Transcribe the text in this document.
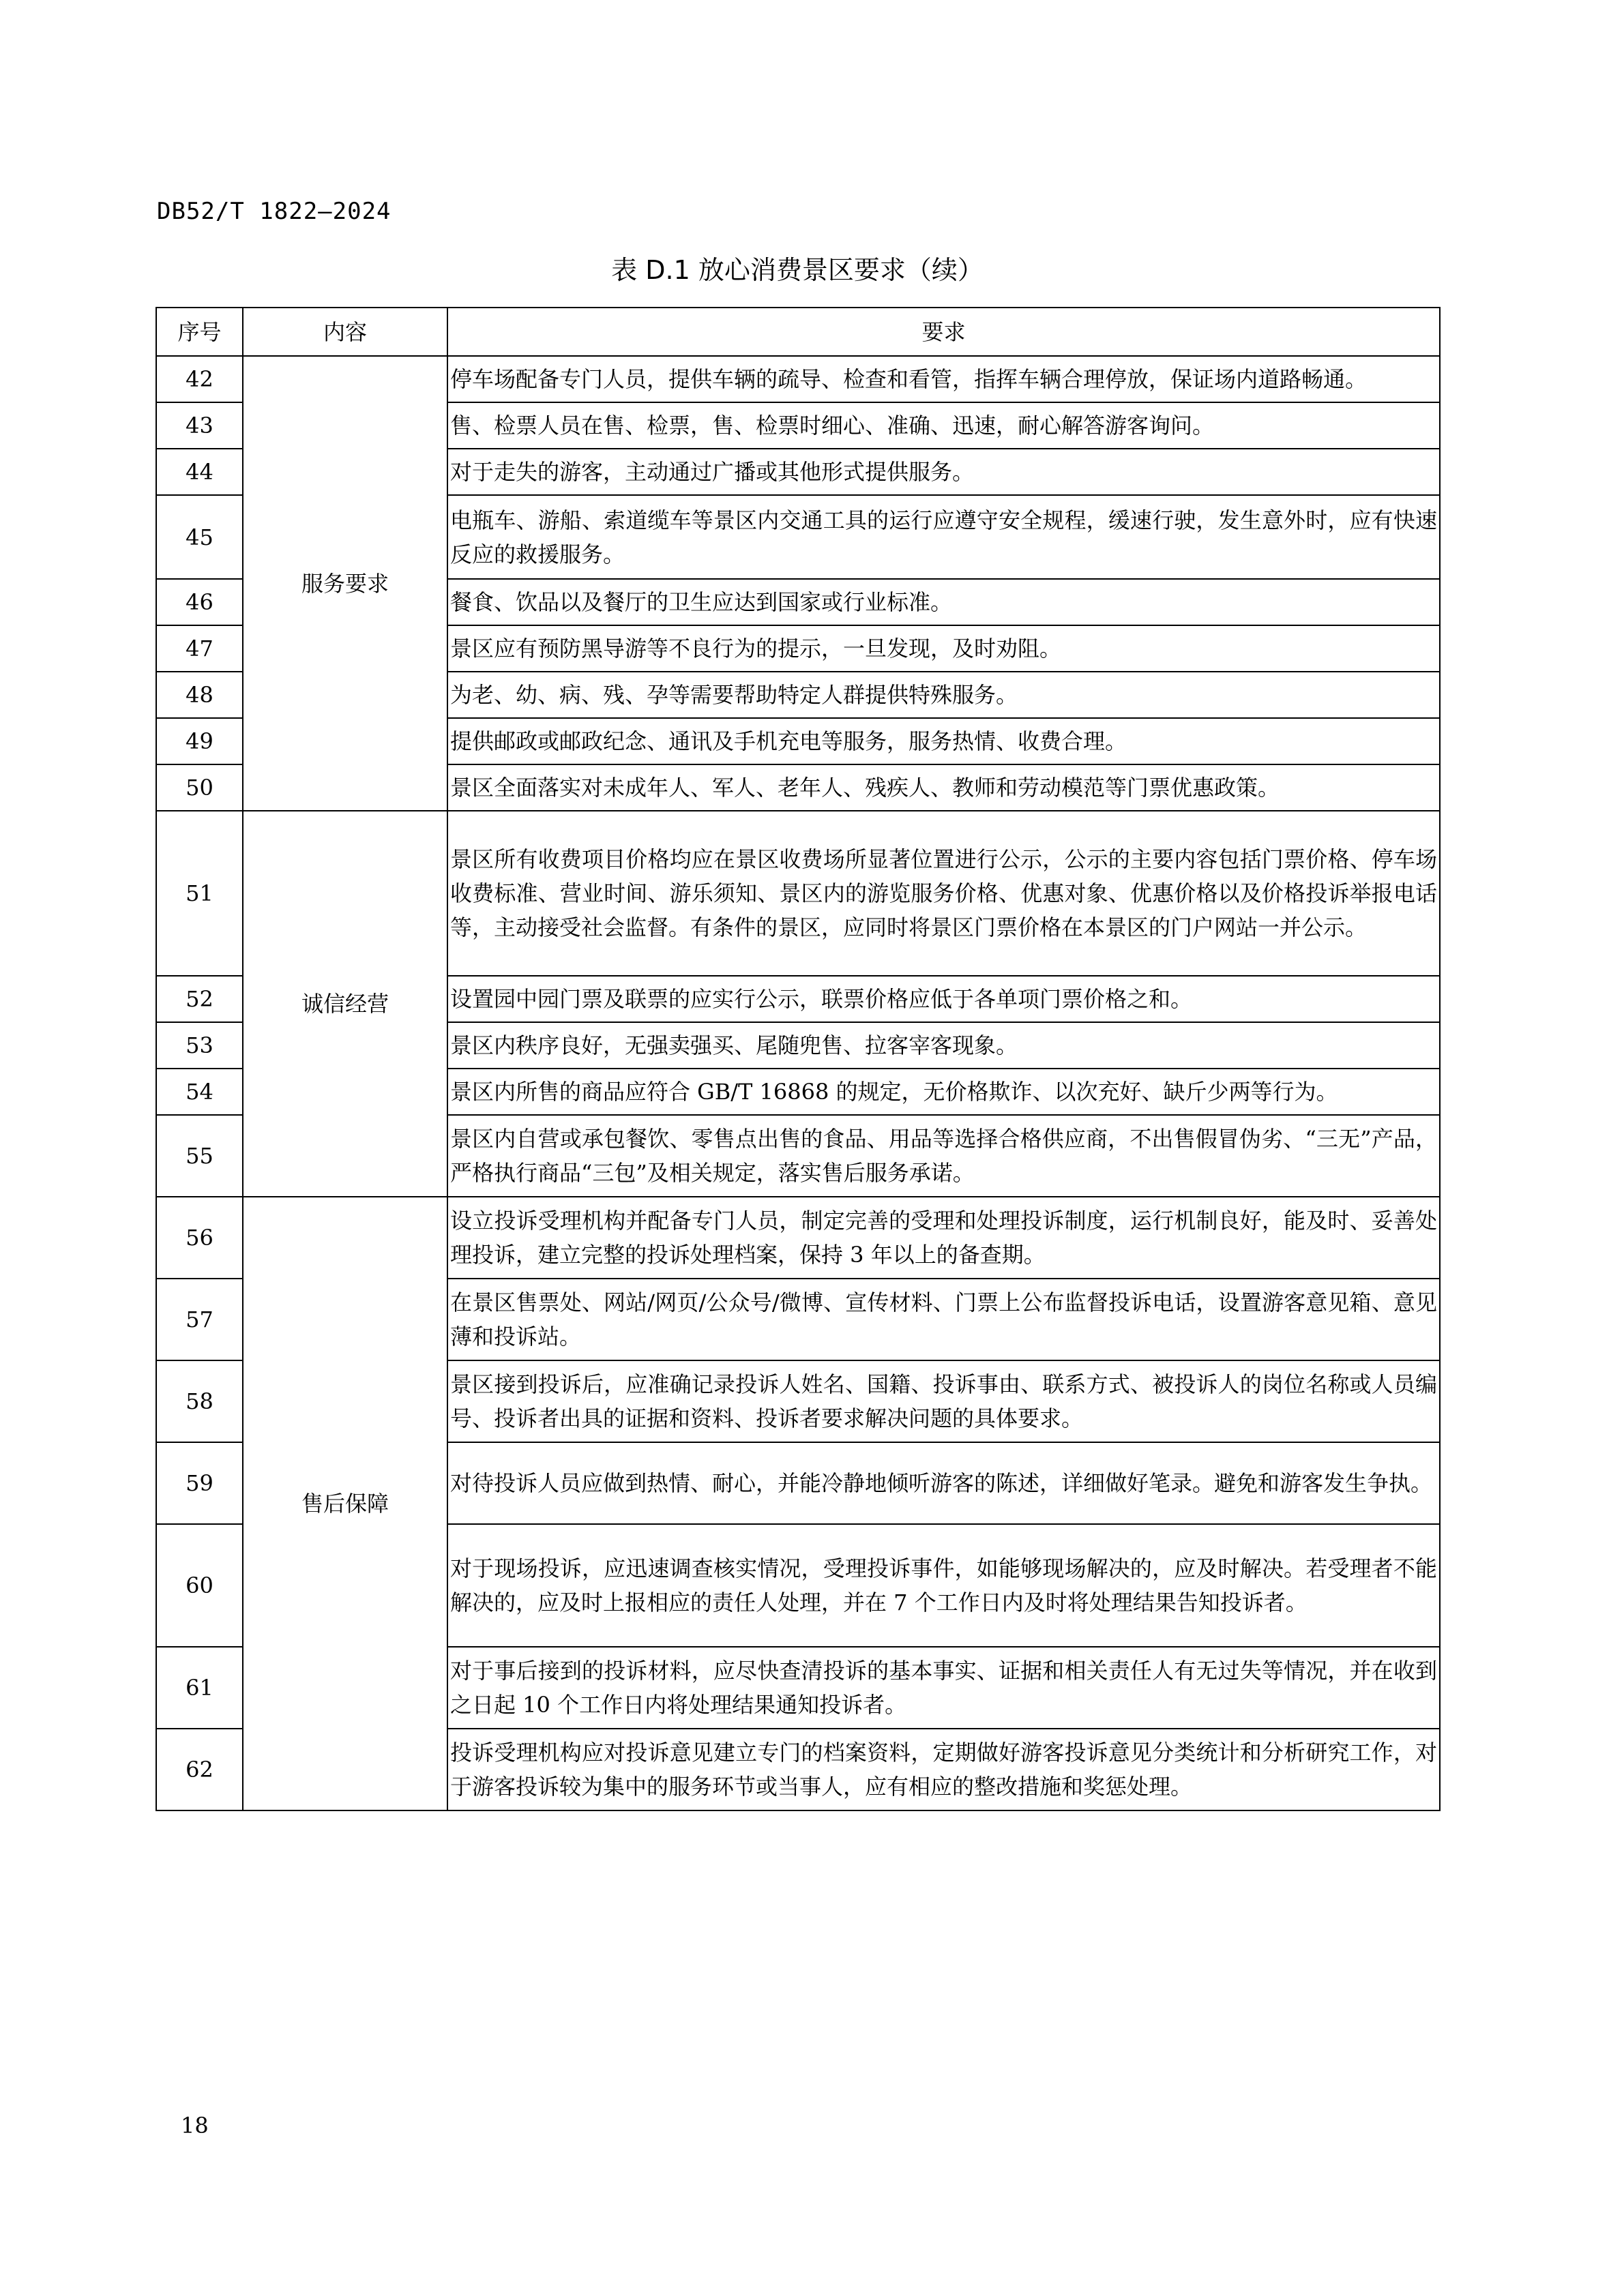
DB52/T 1822—2024
表 D.1 放心消费景区要求（续）
序号	内容	要求
42	服务要求	停车场配备专门人员，提供车辆的疏导、检查和看管，指挥车辆合理停放，保证场内道路畅通。
43		售、检票人员在售、检票，售、检票时细心、准确、迅速，耐心解答游客询问。
44		对于走失的游客，主动通过广播或其他形式提供服务。
45		电瓶车、游船、索道缆车等景区内交通工具的运行应遵守安全规程，缓速行驶，发生意外时，应有快速反应的救援服务。
46		餐食、饮品以及餐厅的卫生应达到国家或行业标准。
47		景区应有预防黑导游等不良行为的提示，一旦发现，及时劝阻。
48		为老、幼、病、残、孕等需要帮助特定人群提供特殊服务。
49		提供邮政或邮政纪念、通讯及手机充电等服务，服务热情、收费合理。
50		景区全面落实对未成年人、军人、老年人、残疾人、教师和劳动模范等门票优惠政策。
51	诚信经营	景区所有收费项目价格均应在景区收费场所显著位置进行公示，公示的主要内容包括门票价格、停车场收费标准、营业时间、游乐须知、景区内的游览服务价格、优惠对象、优惠价格以及价格投诉举报电话等，主动接受社会监督。有条件的景区，应同时将景区门票价格在本景区的门户网站一并公示。
52		设置园中园门票及联票的应实行公示，联票价格应低于各单项门票价格之和。
53		景区内秩序良好，无强卖强买、尾随兜售、拉客宰客现象。
54		景区内所售的商品应符合 GB/T 16868 的规定，无价格欺诈、以次充好、缺斤少两等行为。
55		景区内自营或承包餐饮、零售点出售的食品、用品等选择合格供应商，不出售假冒伪劣、“三无”产品，严格执行商品“三包”及相关规定，落实售后服务承诺。
56	售后保障	设立投诉受理机构并配备专门人员，制定完善的受理和处理投诉制度，运行机制良好，能及时、妥善处理投诉，建立完整的投诉处理档案，保持 3 年以上的备查期。
57		在景区售票处、网站/网页/公众号/微博、宣传材料、门票上公布监督投诉电话，设置游客意见箱、意见薄和投诉站。
58		景区接到投诉后，应准确记录投诉人姓名、国籍、投诉事由、联系方式、被投诉人的岗位名称或人员编号、投诉者出具的证据和资料、投诉者要求解决问题的具体要求。
59		对待投诉人员应做到热情、耐心，并能冷静地倾听游客的陈述，详细做好笔录。避免和游客发生争执。
60		对于现场投诉，应迅速调查核实情况，受理投诉事件，如能够现场解决的，应及时解决。若受理者不能解决的，应及时上报相应的责任人处理，并在 7 个工作日内及时将处理结果告知投诉者。
61		对于事后接到的投诉材料，应尽快查清投诉的基本事实、证据和相关责任人有无过失等情况，并在收到之日起 10 个工作日内将处理结果通知投诉者。
62		投诉受理机构应对投诉意见建立专门的档案资料，定期做好游客投诉意见分类统计和分析研究工作，对于游客投诉较为集中的服务环节或当事人，应有相应的整改措施和奖惩处理。
18
